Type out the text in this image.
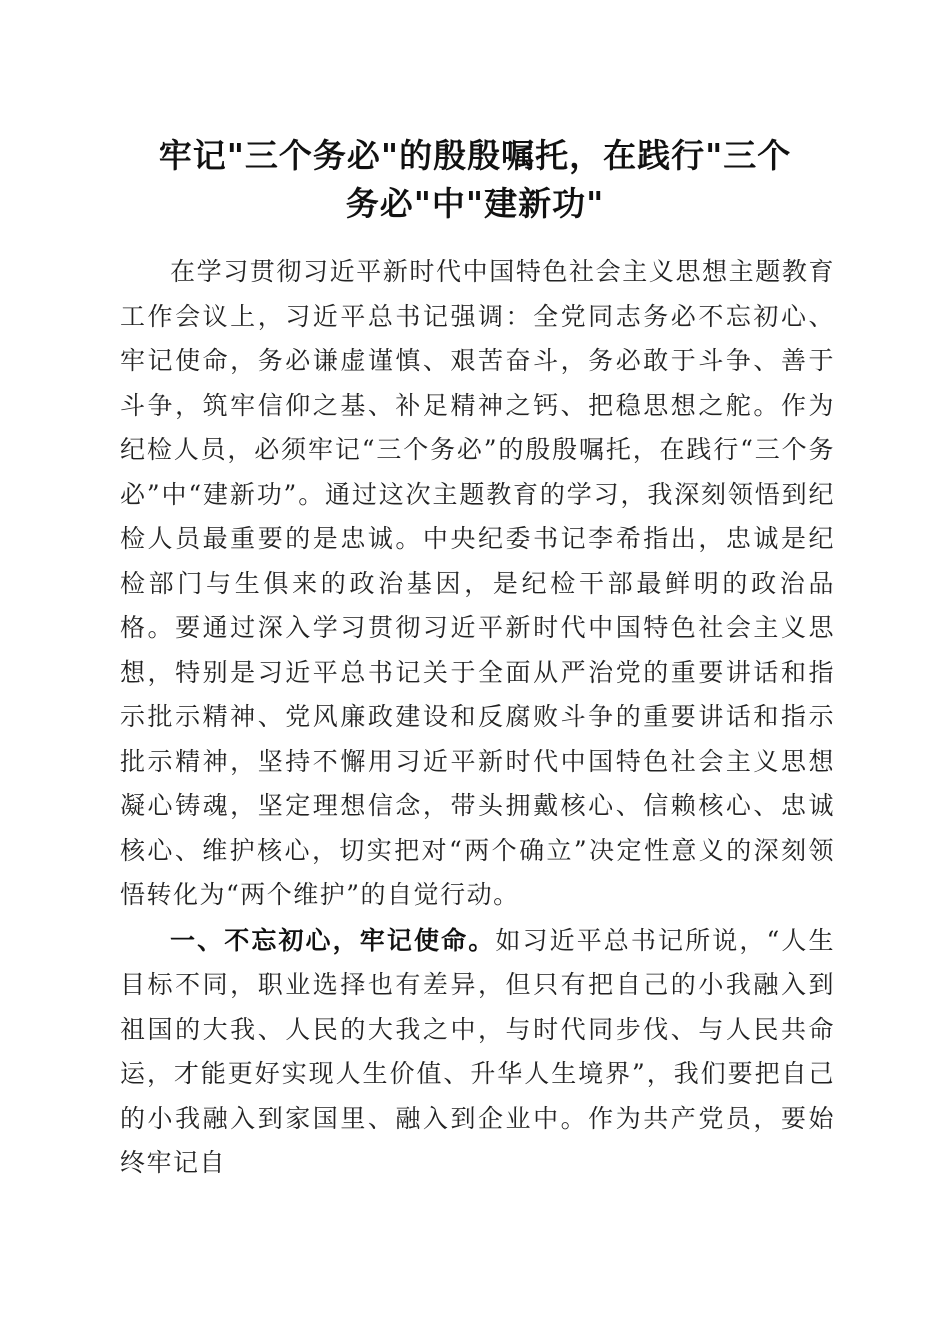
牢记"三个务必"的殷殷嘱托，在践行"三个
务必"中"建新功"

在学习贯彻习近平新时代中国特色社会主义思想主题教育工作会议上，习近平总书记强调：全党同志务必不忘初心、牢记使命，务必谦虚谨慎、艰苦奋斗，务必敢于斗争、善于斗争，筑牢信仰之基、补足精神之钙、把稳思想之舵。作为纪检人员，必须牢记“三个务必”的殷殷嘱托，在践行“三个务必”中“建新功”。通过这次主题教育的学习，我深刻领悟到纪检人员最重要的是忠诚。中央纪委书记李希指出，忠诚是纪检部门与生俱来的政治基因，是纪检干部最鲜明的政治品格。要通过深入学习贯彻习近平新时代中国特色社会主义思想，特别是习近平总书记关于全面从严治党的重要讲话和指示批示精神、党风廉政建设和反腐败斗争的重要讲话和指示批示精神，坚持不懈用习近平新时代中国特色社会主义思想凝心铸魂，坚定理想信念，带头拥戴核心、信赖核心、忠诚核心、维护核心，切实把对“两个确立”决定性意义的深刻领悟转化为“两个维护”的自觉行动。

一、不忘初心，牢记使命。如习近平总书记所说，“人生目标不同，职业选择也有差异，但只有把自己的小我融入到祖国的大我、人民的大我之中，与时代同步伐、与人民共命运，才能更好实现人生价值、升华人生境界”，我们要把自己的小我融入到家国里、融入到企业中。作为共产党员，要始终牢记自
